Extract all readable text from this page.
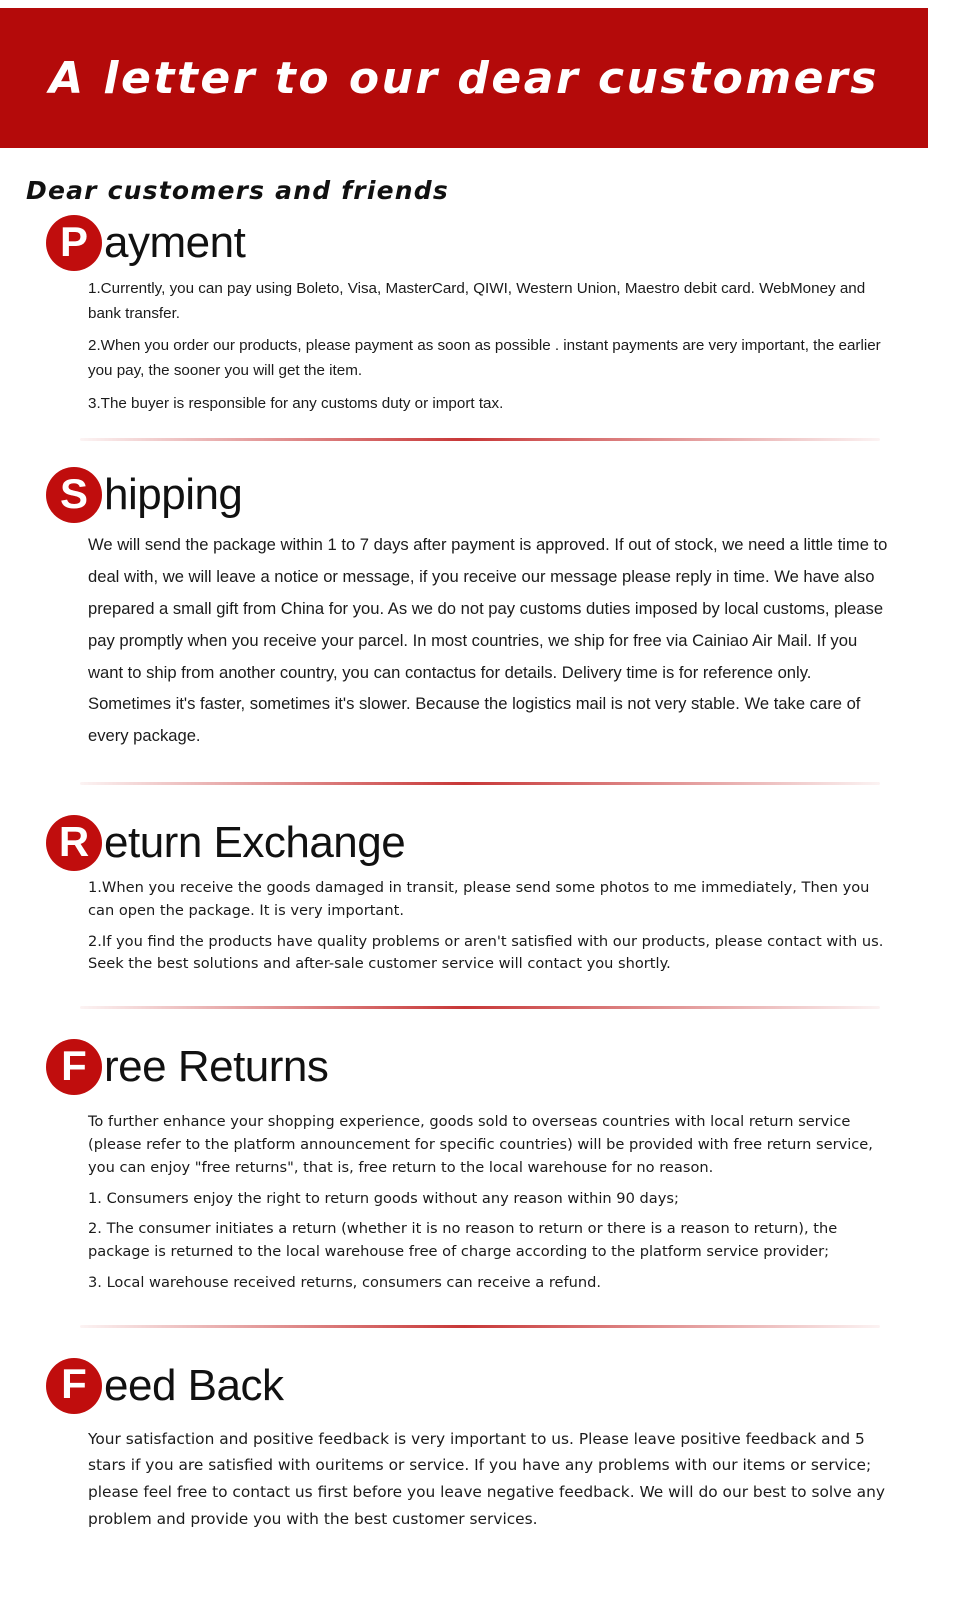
A letter to our dear customers
Dear customers and friends
P ayment

1.Currently, you can pay using Boleto, Visa, MasterCard, QIWI, Western Union, Maestro debit card. WebMoney and bank transfer.

2.When you order our products, please payment as soon as possible . instant payments are very important, the earlier you pay, the sooner you will get the item.

3.The buyer is responsible for any customs duty or import tax.

S hipping

We will send the package within 1 to 7 days after payment is approved. If out of stock, we need a little time to deal with, we will leave a notice or message, if you receive our message please reply in time. We have also prepared a small gift from China for you. As we do not pay customs duties imposed by local customs, please pay promptly when you receive your parcel. In most countries, we ship for free via Cainiao Air Mail. If you want to ship from another country, you can contactus for details. Delivery time is for reference only. Sometimes it's faster, sometimes it's slower. Because the logistics mail is not very stable. We take care of every package.

R eturn Exchange

1.When you receive the goods damaged in transit, please send some photos to me immediately, Then you can open the package. It is very important.

2.If you find the products have quality problems or aren't satisfied with our products, please contact with us. Seek the best solutions and after-sale customer service will contact you shortly.

F ree Returns

To further enhance your shopping experience, goods sold to overseas countries with local return service (please refer to the platform announcement for specific countries) will be provided with free return service, you can enjoy "free returns", that is, free return to the local warehouse for no reason.

1. Consumers enjoy the right to return goods without any reason within 90 days;

2. The consumer initiates a return (whether it is no reason to return or there is a reason to return), the package is returned to the local warehouse free of charge according to the platform service provider;

3. Local warehouse received returns, consumers can receive a refund.

F eed Back

Your satisfaction and positive feedback is very important to us. Please leave positive feedback and 5 stars if you are satisfied with ouritems or service. If you have any problems with our items or service; please feel free to contact us first before you leave negative feedback. We will do our best to solve any problem and provide you with the best customer services.
